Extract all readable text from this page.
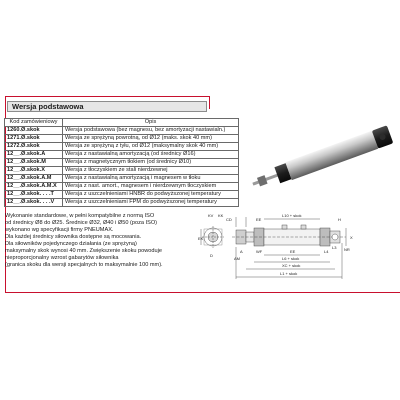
Wersja podstawowa
Kod zamówieniowy	Opis
1260.Ø.skok	Wersja podstawowa (bez magnesu, bez amortyzacji nastawialn.)
1271.Ø.skok	Wersja ze sprężyną powrotną, od Ø12 (maks. skok 40 mm)
1272.Ø.skok	Wersja ze sprężyną z tyłu, od Ø12 (maksymalny skok 40 mm)
12__.Ø.skok.A	Wersja z nastawialną amortyzacją (od średnicy Ø16)
12__.Ø.skok.M	Wersja z magnetycznym tłokiem (od średnicy Ø10)
12__.Ø.skok.X	Wersja z tłoczyskiem ze stali nierdzewnej
12__.Ø.skok.A.M	Wersja z nastawialną amortyzacją i magnesem w tłoku
12__.Ø.skok.A.M.X	Wersja z nast. amort., magnesem i nierdzewnym tłoczyskiem
12__.Ø.skok. . . .T	Wersja z uszczelnieniami HNBR do podwyższonej temperatury
12__.Ø.skok. . . .V	Wersja z uszczelnieniami FPM do podwyższonej temperatury
Wykonanie standardowe, w pełni kompatybilne z normą ISO
od średnicy Ø8 do Ø25. Średnice Ø32, Ø40 i Ø50 (poza ISO)
wykonano wg specyfikacji firmy PNEUMAX.
Dla każdej średnicy siłownika dostępne są mocowania.
Dla siłowników pojedynczego działania (ze sprężyną)
maksymalny skok wynosi 40 mm. Zwiększenie skoku powoduje
nieproporcjonalny wzrost gabarytów siłownika
(granica skoku dla wersji specjalnych to maksymalnie 100 mm).
KV KK
CD	EE
L10 + skok
H
A	WF	EE	L4
L3 NR
X
AM	L6 + skok
XC + skok
L1 + skok
D
EK
